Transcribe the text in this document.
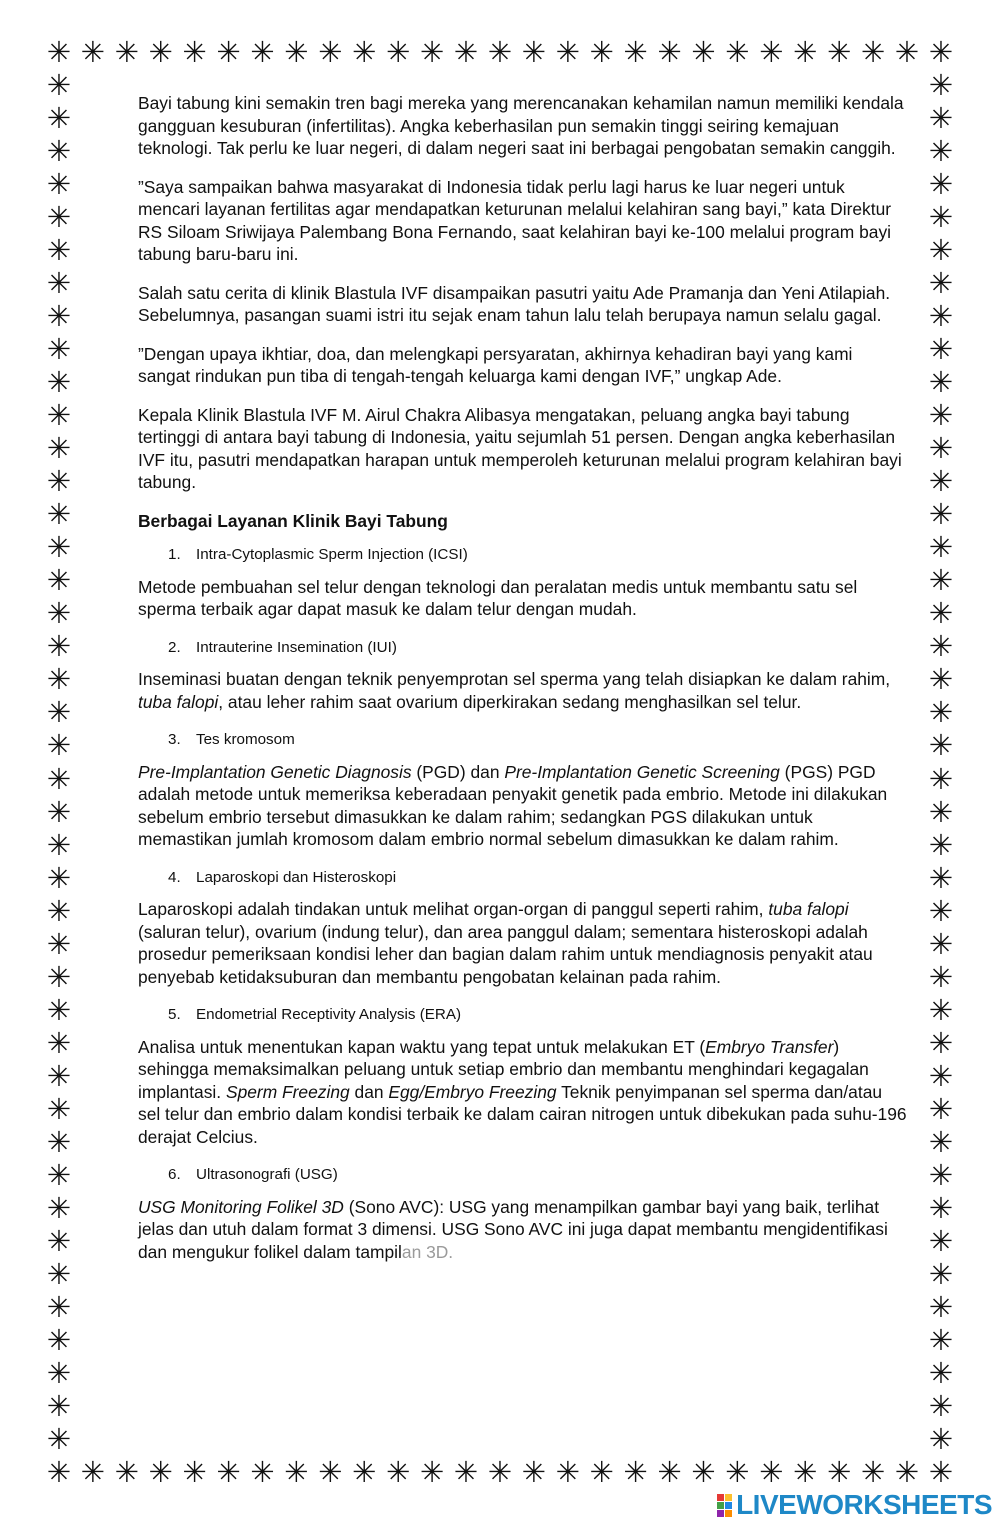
✳
✳
✳
✳
✳
✳
✳
✳
✳
✳
✳
✳
✳
✳
✳
✳
✳
✳
✳
✳
✳
✳
✳
✳
✳
✳
✳
✳
✳
✳
✳
✳
✳
✳
✳
✳
✳
✳
✳
✳
✳
✳
✳
✳
✳
✳
✳
✳
✳
✳
✳
✳
✳
✳
✳	✳
✳	✳
✳	✳
✳	✳
✳	✳
✳	✳
✳	✳
✳	✳
✳	✳
✳	✳
✳	✳
✳	✳
✳	✳
✳	✳
✳	✳
✳	✳
✳	✳
✳	✳
✳	✳
✳	✳
✳	✳
✳	✳
✳	✳
✳	✳
✳	✳
✳	✳
✳	✳
✳	✳
✳	✳
✳	✳
✳	✳
✳	✳
✳	✳
✳	✳
✳	✳
✳	✳
✳	✳
✳	✳
✳	✳
✳	✳
✳	✳
✳	✳

Bayi tabung kini semakin tren bagi mereka yang merencanakan kehamilan namun memiliki kendala gangguan kesuburan (infertilitas). Angka keberhasilan pun semakin tinggi seiring kemajuan teknologi. Tak perlu ke luar negeri, di dalam negeri saat ini berbagai pengobatan semakin canggih.

”Saya sampaikan bahwa masyarakat di Indonesia tidak perlu lagi harus ke luar negeri untuk mencari layanan fertilitas agar mendapatkan keturunan melalui kelahiran sang bayi,” kata Direktur RS Siloam Sriwijaya Palembang Bona Fernando, saat kelahiran bayi ke-100 melalui program bayi tabung baru-baru ini.

Salah satu cerita di klinik Blastula IVF disampaikan pasutri yaitu Ade Pramanja dan Yeni Atilapiah. Sebelumnya, pasangan suami istri itu sejak enam tahun lalu telah berupaya namun selalu gagal.

”Dengan upaya ikhtiar, doa, dan melengkapi persyaratan, akhirnya kehadiran bayi yang kami sangat rindukan pun tiba di tengah-tengah keluarga kami dengan IVF,” ungkap Ade.

Kepala Klinik Blastula IVF M. Airul Chakra Alibasya mengatakan, peluang angka bayi tabung tertinggi di antara bayi tabung di Indonesia, yaitu sejumlah 51 persen. Dengan angka keberhasilan IVF itu, pasutri mendapatkan harapan untuk memperoleh keturunan melalui program kelahiran bayi tabung.

Berbagai Layanan Klinik Bayi Tabung

1. Intra-Cytoplasmic Sperm Injection (ICSI)

Metode pembuahan sel telur dengan teknologi dan peralatan medis untuk membantu satu sel sperma terbaik agar dapat masuk ke dalam telur dengan mudah.

2. Intrauterine Insemination (IUI)

Inseminasi buatan dengan teknik penyemprotan sel sperma yang telah disiapkan ke dalam rahim, tuba falopi, atau leher rahim saat ovarium diperkirakan sedang menghasilkan sel telur.

3. Tes kromosom

Pre-Implantation Genetic Diagnosis (PGD) dan Pre-Implantation Genetic Screening (PGS) PGD adalah metode untuk memeriksa keberadaan penyakit genetik pada embrio. Metode ini dilakukan sebelum embrio tersebut dimasukkan ke dalam rahim; sedangkan PGS dilakukan untuk memastikan jumlah kromosom dalam embrio normal sebelum dimasukkan ke dalam rahim.

4. Laparoskopi dan Histeroskopi

Laparoskopi adalah tindakan untuk melihat organ-organ di panggul seperti rahim, tuba falopi (saluran telur), ovarium (indung telur), dan area panggul dalam; sementara histeroskopi adalah prosedur pemeriksaan kondisi leher dan bagian dalam rahim untuk mendiagnosis penyakit atau penyebab ketidaksuburan dan membantu pengobatan kelainan pada rahim.

5. Endometrial Receptivity Analysis (ERA)

Analisa untuk menentukan kapan waktu yang tepat untuk melakukan ET (Embryo Transfer) sehingga memaksimalkan peluang untuk setiap embrio dan membantu menghindari kegagalan implantasi. Sperm Freezing dan Egg/Embryo Freezing Teknik penyimpanan sel sperma dan/atau sel telur dan embrio dalam kondisi terbaik ke dalam cairan nitrogen untuk dibekukan pada suhu-196 derajat Celcius.

6. Ultrasonografi (USG)

USG Monitoring Folikel 3D (Sono AVC): USG yang menampilkan gambar bayi yang baik, terlihat jelas dan utuh dalam format 3 dimensi. USG Sono AVC ini juga dapat membantu mengidentifikasi dan mengukur folikel dalam tampilan 3D.

LIVEWORKSHEETS
